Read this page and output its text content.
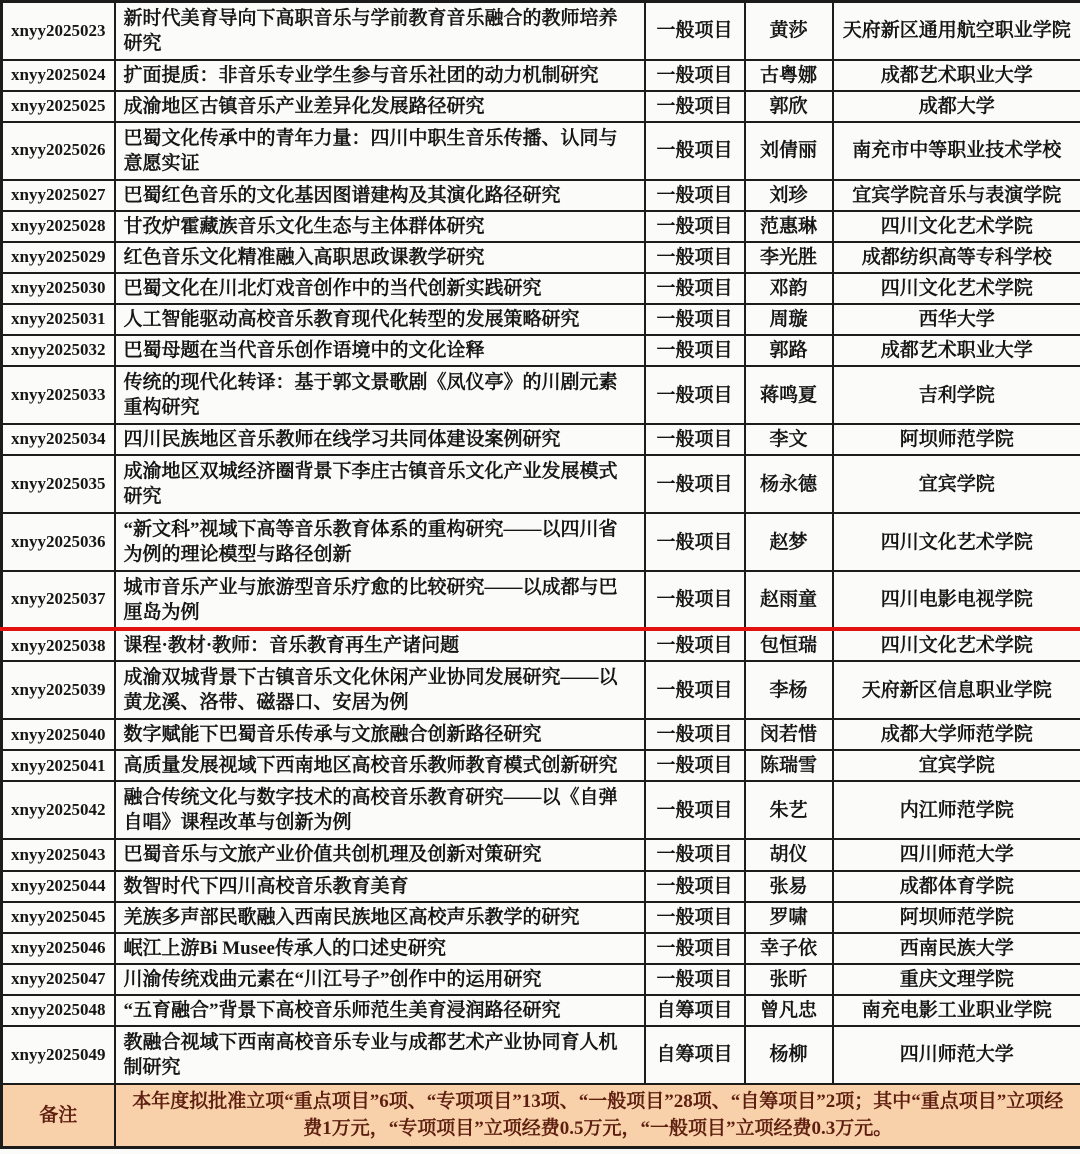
xnyy2025023	新时代美育导向下高职音乐与学前教育音乐融合的教师培养研究	一般项目	黄莎	天府新区通用航空职业学院
xnyy2025024	扩面提质：非音乐专业学生参与音乐社团的动力机制研究	一般项目	古粤娜	成都艺术职业大学
xnyy2025025	成渝地区古镇音乐产业差异化发展路径研究	一般项目	郭欣	成都大学
xnyy2025026	巴蜀文化传承中的青年力量：四川中职生音乐传播、认同与意愿实证	一般项目	刘倩丽	南充市中等职业技术学校
xnyy2025027	巴蜀红色音乐的文化基因图谱建构及其演化路径研究	一般项目	刘珍	宜宾学院音乐与表演学院
xnyy2025028	甘孜炉霍藏族音乐文化生态与主体群体研究	一般项目	范惠琳	四川文化艺术学院
xnyy2025029	红色音乐文化精准融入高职思政课教学研究	一般项目	李光胜	成都纺织高等专科学校
xnyy2025030	巴蜀文化在川北灯戏音创作中的当代创新实践研究	一般项目	邓韵	四川文化艺术学院
xnyy2025031	人工智能驱动高校音乐教育现代化转型的发展策略研究	一般项目	周璇	西华大学
xnyy2025032	巴蜀母题在当代音乐创作语境中的文化诠释	一般项目	郭路	成都艺术职业大学
xnyy2025033	传统的现代化转译：基于郭文景歌剧《凤仪亭》的川剧元素重构研究	一般项目	蒋鸣夏	吉利学院
xnyy2025034	四川民族地区音乐教师在线学习共同体建设案例研究	一般项目	李文	阿坝师范学院
xnyy2025035	成渝地区双城经济圈背景下李庄古镇音乐文化产业发展模式研究	一般项目	杨永德	宜宾学院
xnyy2025036	“新文科”视域下高等音乐教育体系的重构研究——以四川省为例的理论模型与路径创新	一般项目	赵梦	四川文化艺术学院
xnyy2025037	城市音乐产业与旅游型音乐疗愈的比较研究——以成都与巴厘岛为例	一般项目	赵雨童	四川电影电视学院
xnyy2025038	课程·教材·教师：音乐教育再生产诸问题	一般项目	包恒瑞	四川文化艺术学院
xnyy2025039	成渝双城背景下古镇音乐文化休闲产业协同发展研究——以黄龙溪、洛带、磁器口、安居为例	一般项目	李杨	天府新区信息职业学院
xnyy2025040	数字赋能下巴蜀音乐传承与文旅融合创新路径研究	一般项目	闵若惜	成都大学师范学院
xnyy2025041	高质量发展视域下西南地区高校音乐教师教育模式创新研究	一般项目	陈瑞雪	宜宾学院
xnyy2025042	融合传统文化与数字技术的高校音乐教育研究——以《自弹自唱》课程改革与创新为例	一般项目	朱艺	内江师范学院
xnyy2025043	巴蜀音乐与文旅产业价值共创机理及创新对策研究	一般项目	胡仪	四川师范大学
xnyy2025044	数智时代下四川高校音乐教育美育	一般项目	张易	成都体育学院
xnyy2025045	羌族多声部民歌融入西南民族地区高校声乐教学的研究	一般项目	罗啸	阿坝师范学院
xnyy2025046	岷江上游Bi Musee传承人的口述史研究	一般项目	幸子依	西南民族大学
xnyy2025047	川渝传统戏曲元素在“川江号子”创作中的运用研究	一般项目	张昕	重庆文理学院
xnyy2025048	“五育融合”背景下高校音乐师范生美育浸润路径研究	自筹项目	曾凡忠	南充电影工业职业学院
xnyy2025049	教融合视域下西南高校音乐专业与成都艺术产业协同育人机制研究	自筹项目	杨柳	四川师范大学
备注	本年度拟批准立项“重点项目”6项、“专项项目”13项、“一般项目”28项、“自筹项目”2项；其中“重点项目”立项经费1万元，“专项项目”立项经费0.5万元，“一般项目”立项经费0.3万元。			
